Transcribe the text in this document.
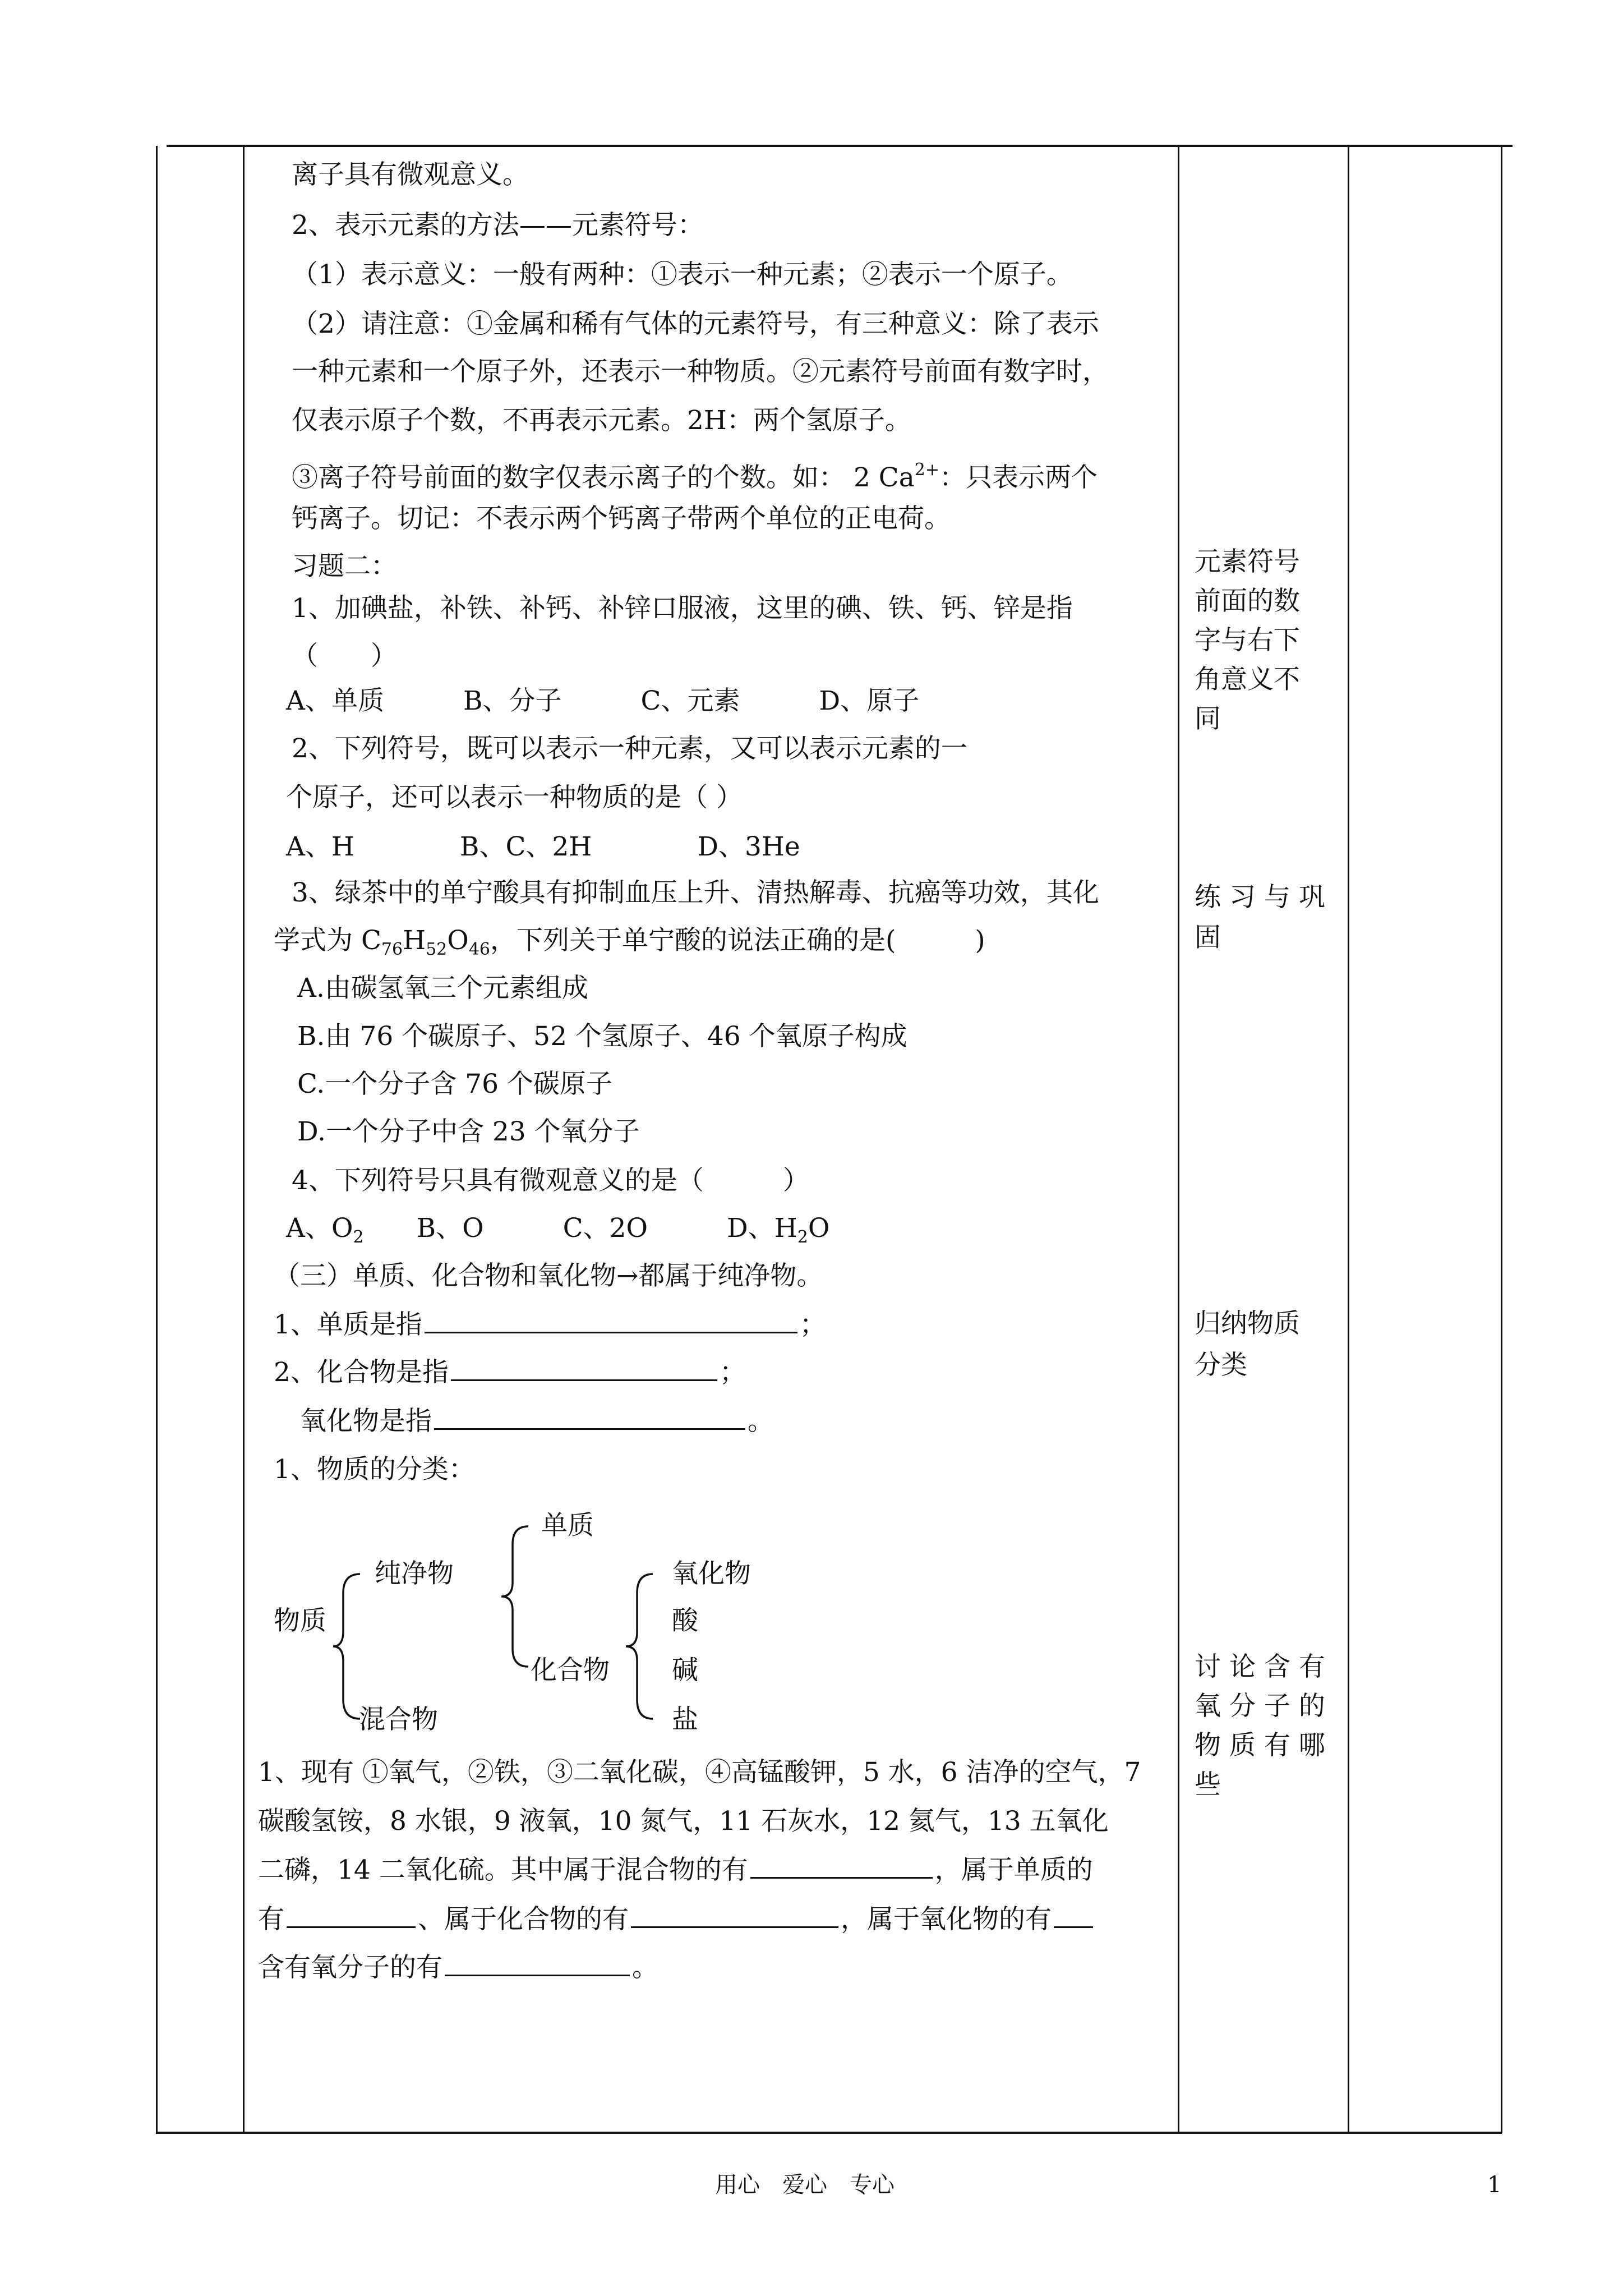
离子具有微观意义。
2、表示元素的方法——元素符号：
（1）表示意义：一般有两种：①表示一种元素；②表示一个原子。
（2）请注意：①金属和稀有气体的元素符号，有三种意义：除了表示
一种元素和一个原子外，还表示一种物质。②元素符号前面有数字时，
仅表示原子个数，不再表示元素。2H：两个氢原子。
③离子符号前面的数字仅表示离子的个数。如： 2 $Ca^{2+}$：只表示两个
钙离子。切记：不表示两个钙离子带两个单位的正电荷。
习题二：
1、加碘盐，补铁、补钙、补锌口服液，这里的碘、铁、钙、锌是指
（　　）
A、单质　　　B、分子　　　C、元素　　　D、原子
2、下列符号，既可以表示一种元素，又可以表示元素的一
个原子，还可以表示一种物质的是（ ）
A、H　　　　B、C、2H　　　　D、3He
3、绿茶中的单宁酸具有抑制血压上升、清热解毒、抗癌等功效，其化
学式为 $C_{76}H_{52}O_{46}$，下列关于单宁酸的说法正确的是(　　　)
A.由碳氢氧三个元素组成
B.由 76 个碳原子、52 个氢原子、46 个氧原子构成
C.一个分子含 76 个碳原子
D.一个分子中含 23 个氧分子
4、下列符号只具有微观意义的是（　　　）
A、$O_2$　　B、O　　　C、2O　　　D、$H_2O$
（三）单质、化合物和氧化物→都属于纯净物。
1、单质是指	；
2、化合物是指	；
氧化物是指	。
1、物质的分类：
物质
纯净物
混合物
单质
化合物
氧化物
酸
碱
盐
1、现有 ①氧气，②铁，③二氧化碳，④高锰酸钾，5 水，6 洁净的空气，7
碳酸氢铵，8 水银，9 液氧，10 氮气，11 石灰水，12 氦气，13 五氧化
二磷，14 二氧化硫。其中属于混合物的有	，属于单质的
有	、属于化合物的有	，属于氧化物的有
含有氧分子的有	。
元素符号
前面的数
字与右下
角意义不
同
练 习 与 巩
固
归纳物质
分类
讨 论 含 有
氧 分 子 的
物 质 有 哪
些
用心　爱心　专心	1
